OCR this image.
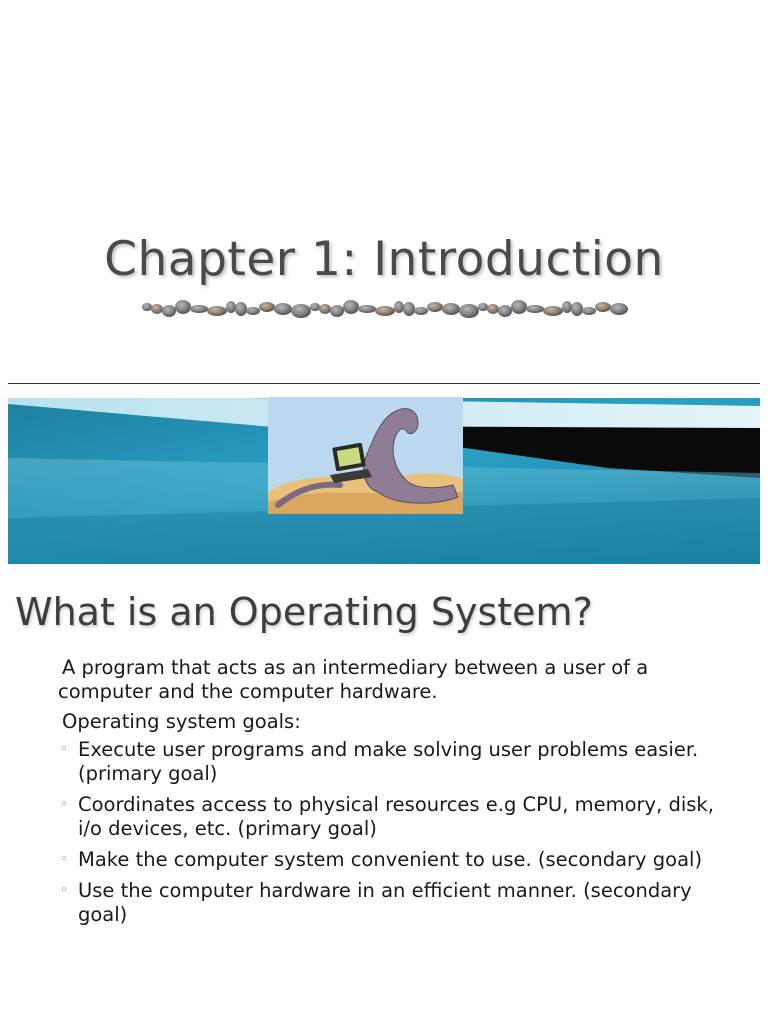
Chapter 1: Introduction
What is an Operating System?
A program that acts as an intermediary between a user of a computer and the computer hardware.
Operating system goals:
◦ Execute user programs and make solving user problems easier. (primary goal)
◦ Coordinates access to physical resources e.g CPU, memory, disk, i/o devices, etc. (primary goal)
◦ Make the computer system convenient to use. (secondary goal)
◦ Use the computer hardware in an efficient manner. (secondary goal)
